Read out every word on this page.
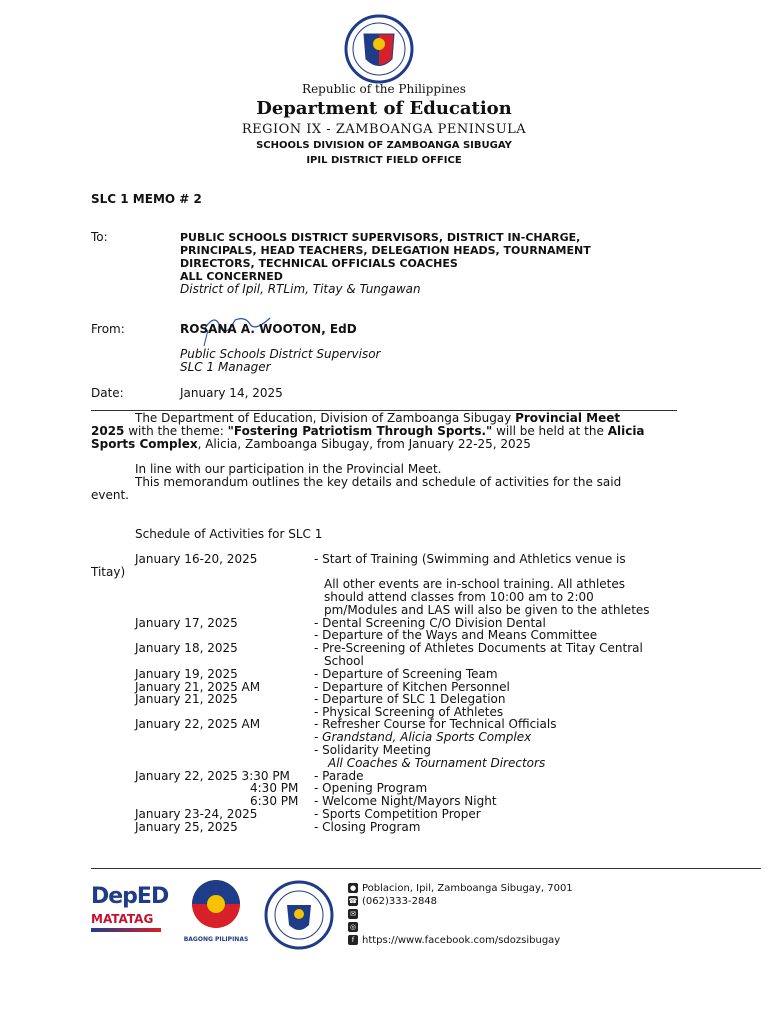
Republic of the Philippines
Department of Education
REGION IX - ZAMBOANGA PENINSULA
SCHOOLS DIVISION OF ZAMBOANGA SIBUGAY
IPIL DISTRICT FIELD OFFICE
SLC 1 MEMO # 2
To:	PUBLIC SCHOOLS DISTRICT SUPERVISORS, DISTRICT IN-CHARGE,
PRINCIPALS, HEAD TEACHERS, DELEGATION HEADS, TOURNAMENT
DIRECTORS, TECHNICAL OFFICIALS COACHES
ALL CONCERNED
District of Ipil, RTLim, Titay & Tungawan
From:	ROSANA A. WOOTON, EdD
Public Schools District Supervisor
SLC 1 Manager
Date:	January 14, 2025
The Department of Education, Division of Zamboanga Sibugay Provincial Meet
2025 with the theme: "Fostering Patriotism Through Sports." will be held at the Alicia
Sports Complex, Alicia, Zamboanga Sibugay, from January 22-25, 2025
In line with our participation in the Provincial Meet.
This memorandum outlines the key details and schedule of activities for the said
event.
Schedule of Activities for SLC 1
January 16-20, 2025	- Start of Training (Swimming and Athletics venue is
Titay)
All other events are in-school training. All athletes
should attend classes from 10:00 am to 2:00
pm/Modules and LAS will also be given to the athletes
January 17, 2025	- Dental Screening C/O Division Dental
- Departure of the Ways and Means Committee
January 18, 2025	- Pre-Screening of Athletes Documents at Titay Central
School
January 19, 2025	- Departure of Screening Team
January 21, 2025 AM	- Departure of Kitchen Personnel
January 21, 2025	- Departure of SLC 1 Delegation
- Physical Screening of Athletes
January 22, 2025 AM	- Refresher Course for Technical Officials
- Grandstand, Alicia Sports Complex
- Solidarity Meeting
All Coaches & Tournament Directors
January 22, 2025 3:30 PM - Parade
4:30 PM - Opening Program
6:30 PM - Welcome Night/Mayors Night
January 23-24, 2025	- Sports Competition Proper
January 25, 2025	- Closing Program
DepED
MATATAG
BAGONG PILIPINAS
● Poblacion, Ipil, Zamboanga Sibugay, 7001
☎ (062)333-2848
✉
◎
f https://www.facebook.com/sdozsibugay
